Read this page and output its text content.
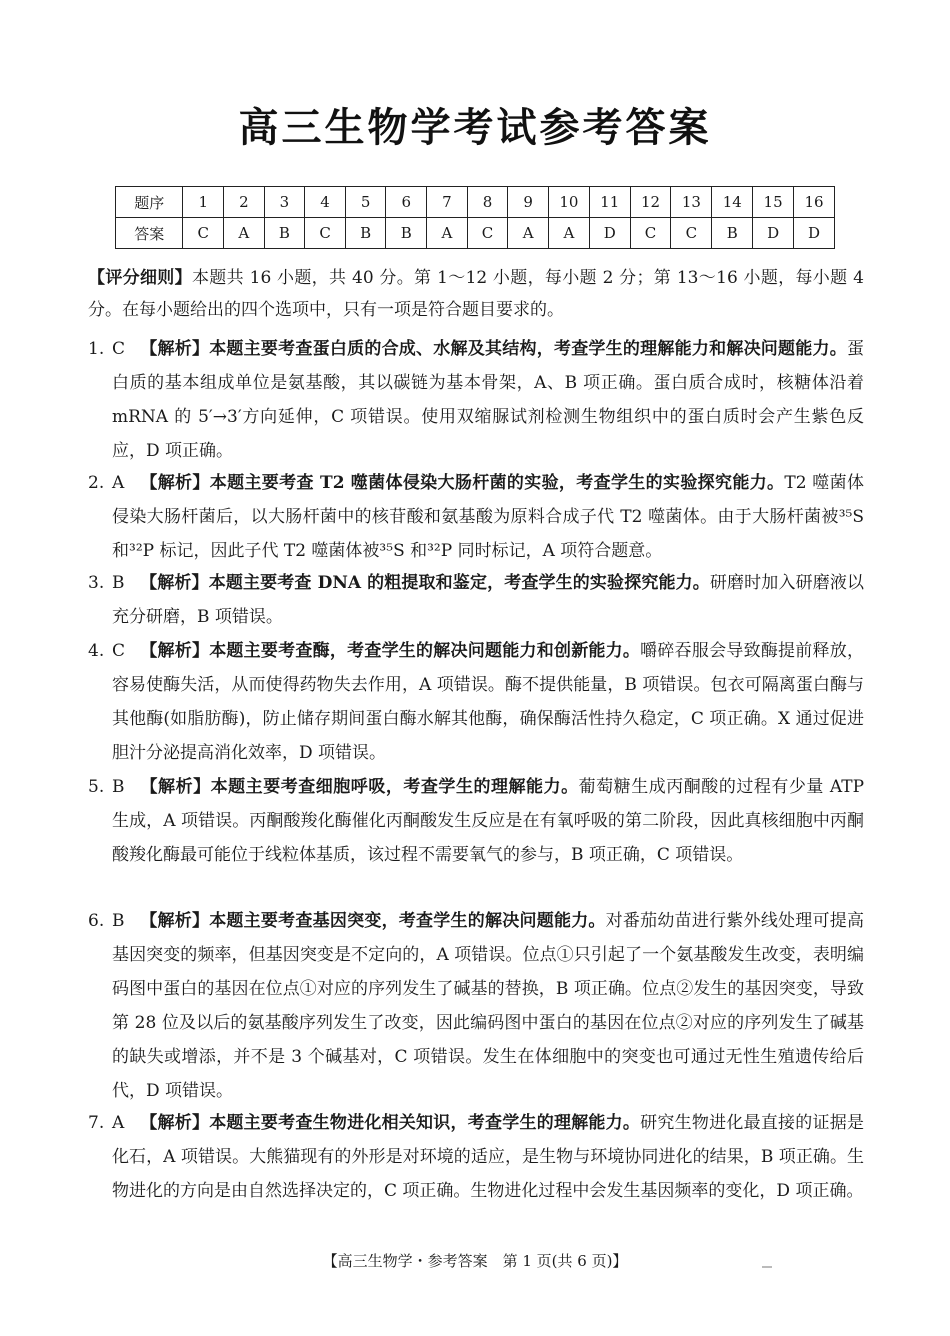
高三生物学考试参考答案
题序	1	2	3	4	5	6	7	8	9	10	11	12	13	14	15	16
答案	C	A	B	C	B	B	A	C	A	A	D	C	C	B	D	D
【评分细则】本题共 16 小题，共 40 分。第 1～12 小题，每小题 2 分；第 13～16 小题，每小题 4 分。在每小题给出的四个选项中，只有一项是符合题目要求的。
1. C 【解析】本题主要考查蛋白质的合成、水解及其结构，考查学生的理解能力和解决问题能力。蛋白质的基本组成单位是氨基酸，其以碳链为基本骨架，A、B 项正确。蛋白质合成时，核糖体沿着 mRNA 的 5′→3′方向延伸，C 项错误。使用双缩脲试剂检测生物组织中的蛋白质时会产生紫色反应，D 项正确。
2. A 【解析】本题主要考查 T2 噬菌体侵染大肠杆菌的实验，考查学生的实验探究能力。T2 噬菌体侵染大肠杆菌后，以大肠杆菌中的核苷酸和氨基酸为原料合成子代 T2 噬菌体。由于大肠杆菌被³⁵S 和³²P 标记，因此子代 T2 噬菌体被³⁵S 和³²P 同时标记，A 项符合题意。
3. B 【解析】本题主要考查 DNA 的粗提取和鉴定，考查学生的实验探究能力。研磨时加入研磨液以充分研磨，B 项错误。
4. C 【解析】本题主要考查酶，考查学生的解决问题能力和创新能力。嚼碎吞服会导致酶提前释放，容易使酶失活，从而使得药物失去作用，A 项错误。酶不提供能量，B 项错误。包衣可隔离蛋白酶与其他酶(如脂肪酶)，防止储存期间蛋白酶水解其他酶，确保酶活性持久稳定，C 项正确。X 通过促进胆汁分泌提高消化效率，D 项错误。
5. B 【解析】本题主要考查细胞呼吸，考查学生的理解能力。葡萄糖生成丙酮酸的过程有少量 ATP 生成，A 项错误。丙酮酸羧化酶催化丙酮酸发生反应是在有氧呼吸的第二阶段，因此真核细胞中丙酮酸羧化酶最可能位于线粒体基质，该过程不需要氧气的参与，B 项正确，C 项错误。
6. B 【解析】本题主要考查基因突变，考查学生的解决问题能力。对番茄幼苗进行紫外线处理可提高基因突变的频率，但基因突变是不定向的，A 项错误。位点①只引起了一个氨基酸发生改变，表明编码图中蛋白的基因在位点①对应的序列发生了碱基的替换，B 项正确。位点②发生的基因突变，导致第 28 位及以后的氨基酸序列发生了改变，因此编码图中蛋白的基因在位点②对应的序列发生了碱基的缺失或增添，并不是 3 个碱基对，C 项错误。发生在体细胞中的突变也可通过无性生殖遗传给后代，D 项错误。
7. A 【解析】本题主要考查生物进化相关知识，考查学生的理解能力。研究生物进化最直接的证据是化石，A 项错误。大熊猫现有的外形是对环境的适应，是生物与环境协同进化的结果，B 项正确。生物进化的方向是由自然选择决定的，C 项正确。生物进化过程中会发生基因频率的变化，D 项正确。
【高三生物学・参考答案　第 1 页(共 6 页)】
